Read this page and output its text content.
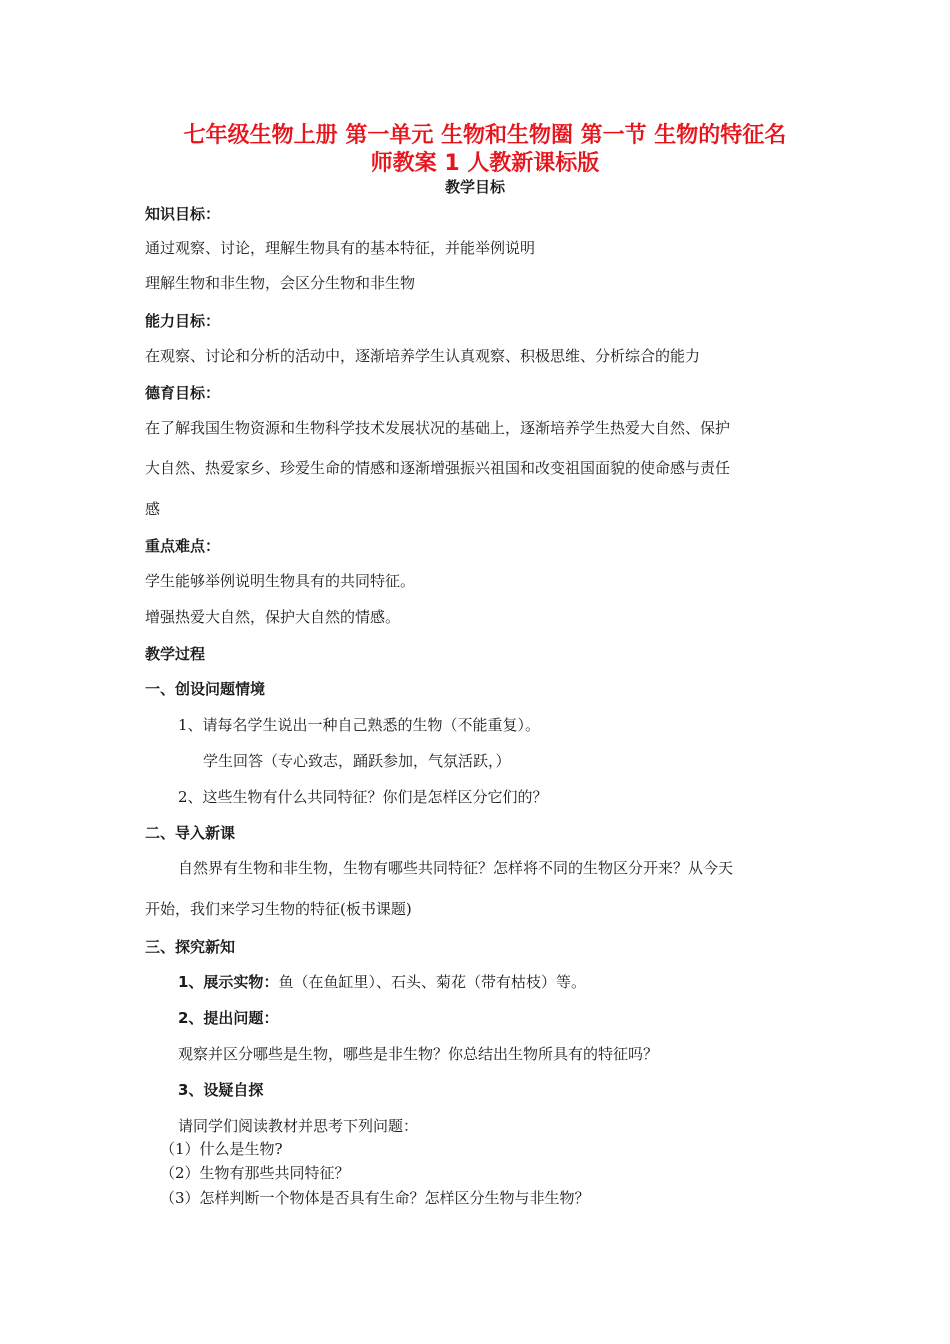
七年级生物上册 第一单元 生物和生物圈 第一节 生物的特征名
师教案 1 人教新课标版
教学目标
知识目标：
通过观察、讨论，理解生物具有的基本特征，并能举例说明
理解生物和非生物，会区分生物和非生物
能力目标：
在观察、讨论和分析的活动中，逐渐培养学生认真观察、积极思维、分析综合的能力
德育目标：
在了解我国生物资源和生物科学技术发展状况的基础上，逐渐培养学生热爱大自然、保护
大自然、热爱家乡、珍爱生命的情感和逐渐增强振兴祖国和改变祖国面貌的使命感与责任
感
重点难点：
学生能够举例说明生物具有的共同特征。
增强热爱大自然，保护大自然的情感。
教学过程
一、创设问题情境
1、请每名学生说出一种自己熟悉的生物（不能重复）。
学生回答（专心致志，踊跃参加，气氛活跃，）
2、这些生物有什么共同特征？你们是怎样区分它们的？
二、导入新课
自然界有生物和非生物，生物有哪些共同特征？怎样将不同的生物区分开来？从今天
开始，我们来学习生物的特征(板书课题)
三、探究新知
1、展示实物：鱼（在鱼缸里）、石头、菊花（带有枯枝）等。
2、提出问题：
观察并区分哪些是生物，哪些是非生物？你总结出生物所具有的特征吗？
3、设疑自探
请同学们阅读教材并思考下列问题：
（1）什么是生物?
（2）生物有那些共同特征？
（3）怎样判断一个物体是否具有生命？怎样区分生物与非生物？
